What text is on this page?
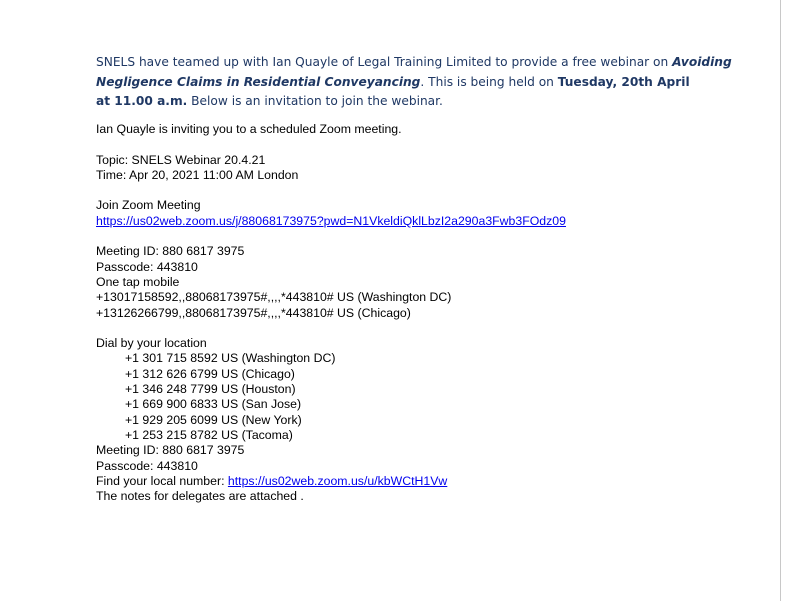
SNELS have teamed up with Ian Quayle of Legal Training Limited to provide a free webinar on Avoiding Negligence Claims in Residential Conveyancing. This is being held on Tuesday, 20th April
at 11.00 a.m. Below is an invitation to join the webinar.
Ian Quayle is inviting you to a scheduled Zoom meeting.
Topic: SNELS Webinar 20.4.21
Time: Apr 20, 2021 11:00 AM London
Join Zoom Meeting
https://us02web.zoom.us/j/88068173975?pwd=N1VkeldiQklLbzI2a290a3Fwb3FOdz09
Meeting ID: 880 6817 3975
Passcode: 443810
One tap mobile
+13017158592,,88068173975#,,,,*443810# US (Washington DC)
+13126266799,,88068173975#,,,,*443810# US (Chicago)
Dial by your location
+1 301 715 8592 US (Washington DC)
+1 312 626 6799 US (Chicago)
+1 346 248 7799 US (Houston)
+1 669 900 6833 US (San Jose)
+1 929 205 6099 US (New York)
+1 253 215 8782 US (Tacoma)
Meeting ID: 880 6817 3975
Passcode: 443810
Find your local number: https://us02web.zoom.us/u/kbWCtH1Vw
The notes for delegates are attached .
